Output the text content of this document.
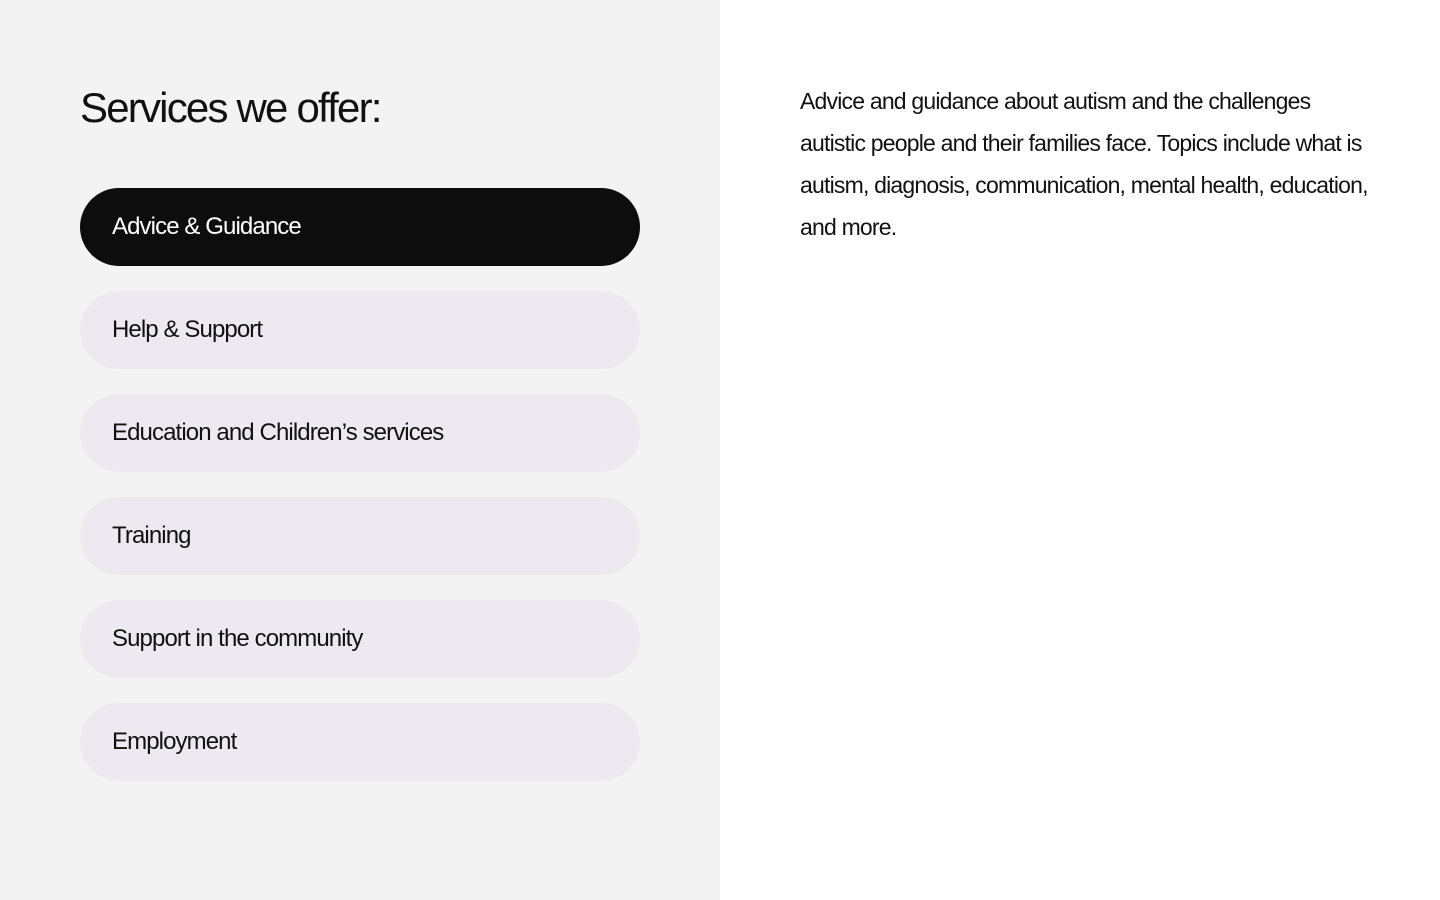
Services we offer:
Advice & Guidance
Help & Support
Education and Children’s services
Training
Support in the community
Employment

Advice and guidance about autism and the challenges autistic people and their families face. Topics include what is autism, diagnosis, communication, mental health, education, and more.
